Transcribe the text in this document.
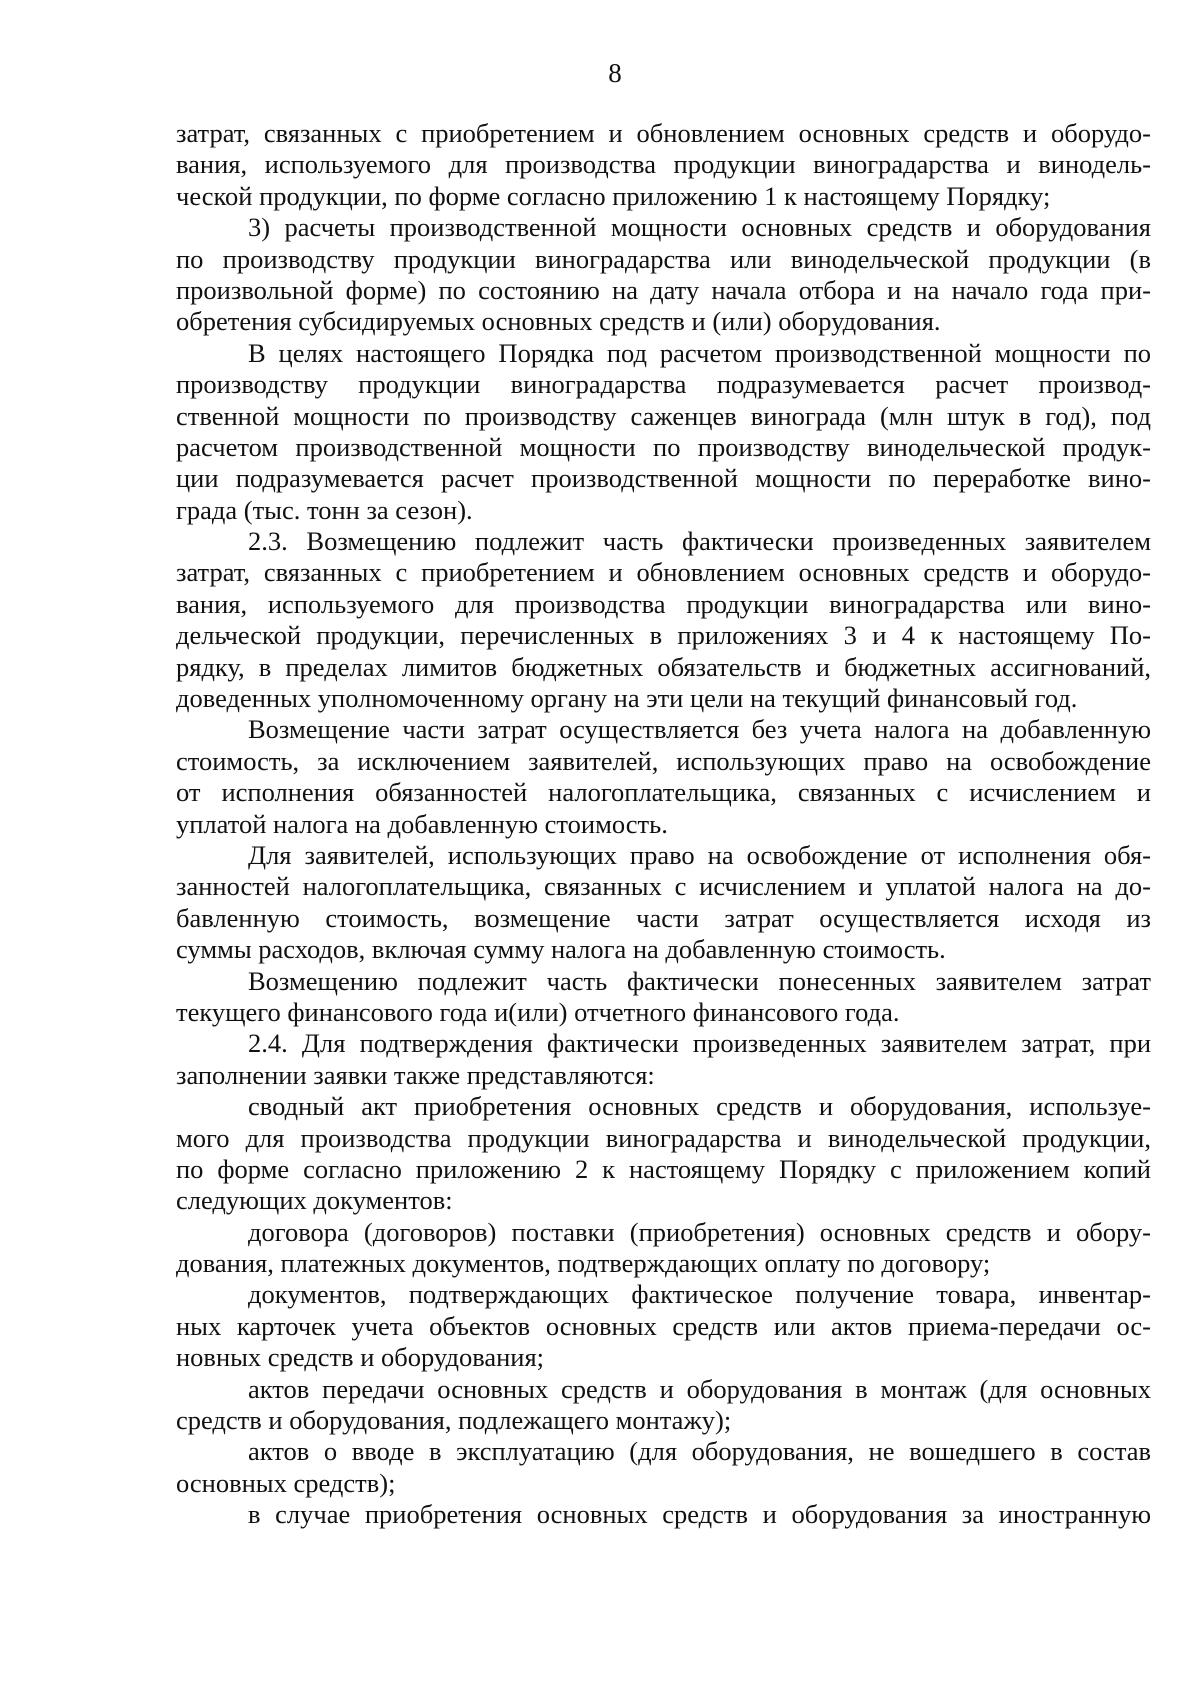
8
затрат, связанных с приобретением и обновлением основных средств и оборудо-
вания, используемого для производства продукции виноградарства и винодель-
ческой продукции, по форме согласно приложению 1 к настоящему Порядку;
3) расчеты производственной мощности основных средств и оборудования
по производству продукции виноградарства или винодельческой продукции (в
произвольной форме) по состоянию на дату начала отбора и на начало года при-
обретения субсидируемых основных средств и (или) оборудования.
В целях настоящего Порядка под расчетом производственной мощности по
производству продукции виноградарства подразумевается расчет производ-
ственной мощности по производству саженцев винограда (млн штук в год), под
расчетом производственной мощности по производству винодельческой продук-
ции подразумевается расчет производственной мощности по переработке вино-
града (тыс. тонн за сезон).
2.3. Возмещению подлежит часть фактически произведенных заявителем
затрат, связанных с приобретением и обновлением основных средств и оборудо-
вания, используемого для производства продукции виноградарства или вино-
дельческой продукции, перечисленных в приложениях 3 и 4 к настоящему По-
рядку, в пределах лимитов бюджетных обязательств и бюджетных ассигнований,
доведенных уполномоченному органу на эти цели на текущий финансовый год.
Возмещение части затрат осуществляется без учета налога на добавленную
стоимость, за исключением заявителей, использующих право на освобождение
от исполнения обязанностей налогоплательщика, связанных с исчислением и
уплатой налога на добавленную стоимость.
Для заявителей, использующих право на освобождение от исполнения обя-
занностей налогоплательщика, связанных с исчислением и уплатой налога на до-
бавленную стоимость, возмещение части затрат осуществляется исходя из
суммы расходов, включая сумму налога на добавленную стоимость.
Возмещению подлежит часть фактически понесенных заявителем затрат
текущего финансового года и(или) отчетного финансового года.
2.4. Для подтверждения фактически произведенных заявителем затрат, при
заполнении заявки также представляются:
сводный акт приобретения основных средств и оборудования, используе-
мого для производства продукции виноградарства и винодельческой продукции,
по форме согласно приложению 2 к настоящему Порядку с приложением копий
следующих документов:
договора (договоров) поставки (приобретения) основных средств и обору-
дования, платежных документов, подтверждающих оплату по договору;
документов, подтверждающих фактическое получение товара, инвентар-
ных карточек учета объектов основных средств или актов приема-передачи ос-
новных средств и оборудования;
актов передачи основных средств и оборудования в монтаж (для основных
средств и оборудования, подлежащего монтажу);
актов о вводе в эксплуатацию (для оборудования, не вошедшего в состав
основных средств);
в случае приобретения основных средств и оборудования за иностранную
